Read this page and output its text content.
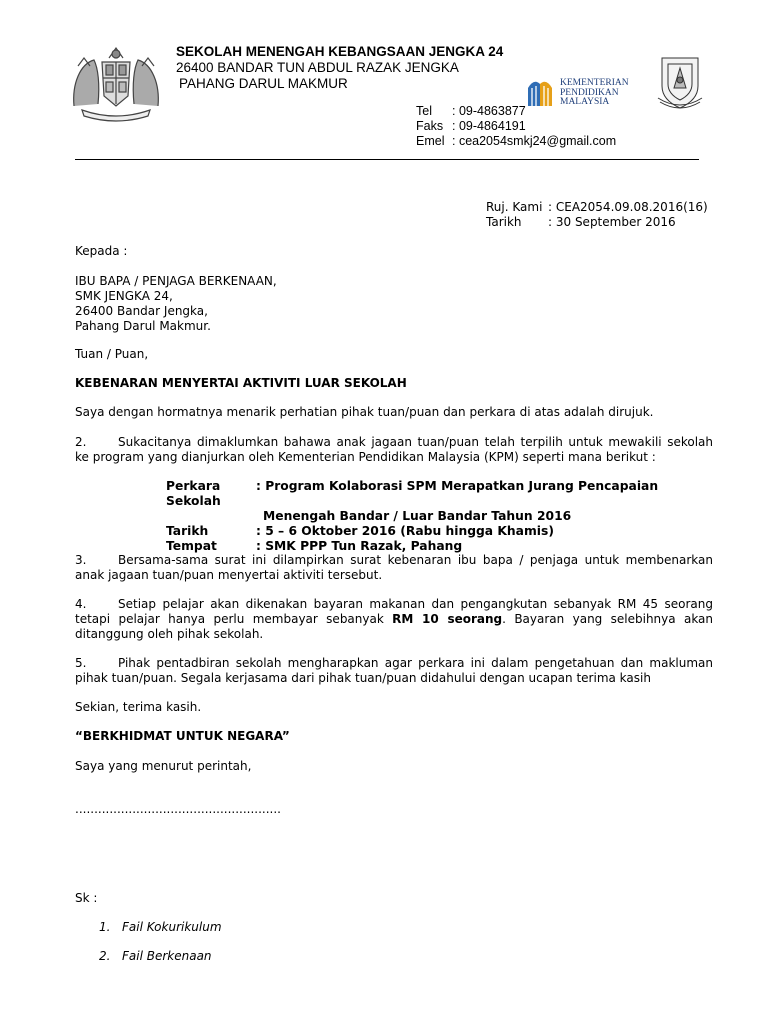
SEKOLAH MENENGAH KEBANGSAAN JENGKA 24
26400 BANDAR TUN ABDUL RAZAK JENGKA
PAHANG DARUL MAKMUR	KEMENTERIAN
PENDIDIKAN
MALAYSIA
Tel : 09-4863877
Faks : 09-4864191
Emel : cea2054smkj24@gmail.com
Ruj. Kami : CEA2054.09.08.2016(16)
Tarikh : 30 September 2016
Kepada :
IBU BAPA / PENJAGA BERKENAAN,
SMK JENGKA 24,
26400 Bandar Jengka,
Pahang Darul Makmur.
Tuan / Puan,
KEBENARAN MENYERTAI AKTIVITI LUAR SEKOLAH
Saya dengan hormatnya menarik perhatian pihak tuan/puan dan perkara di atas adalah dirujuk.
2.	Sukacitanya dimaklumkan bahawa anak jagaan tuan/puan telah terpilih untuk mewakili sekolah ke program yang dianjurkan oleh Kementerian Pendidikan Malaysia (KPM) seperti mana berikut :
Perkara	: Program Kolaborasi SPM Merapatkan Jurang Pencapaian Sekolah
Menengah Bandar / Luar Bandar Tahun 2016
Tarikh	: 5 – 6 Oktober 2016 (Rabu hingga Khamis)
Tempat	: SMK PPP Tun Razak, Pahang
3.	Bersama-sama surat ini dilampirkan surat kebenaran ibu bapa / penjaga untuk membenarkan anak jagaan tuan/puan menyertai aktiviti tersebut.
4.	Setiap pelajar akan dikenakan bayaran makanan dan pengangkutan sebanyak RM 45 seorang tetapi pelajar hanya perlu membayar sebanyak RM 10 seorang. Bayaran yang selebihnya akan ditanggung oleh pihak sekolah.
5.	Pihak pentadbiran sekolah mengharapkan agar perkara ini dalam pengetahuan dan makluman pihak tuan/puan. Segala kerjasama dari pihak tuan/puan didahului dengan ucapan terima kasih
Sekian, terima kasih.
“BERKHIDMAT UNTUK NEGARA”
Saya yang menurut perintah,
......................................................
Sk :
1. Fail Kokurikulum
2. Fail Berkenaan
